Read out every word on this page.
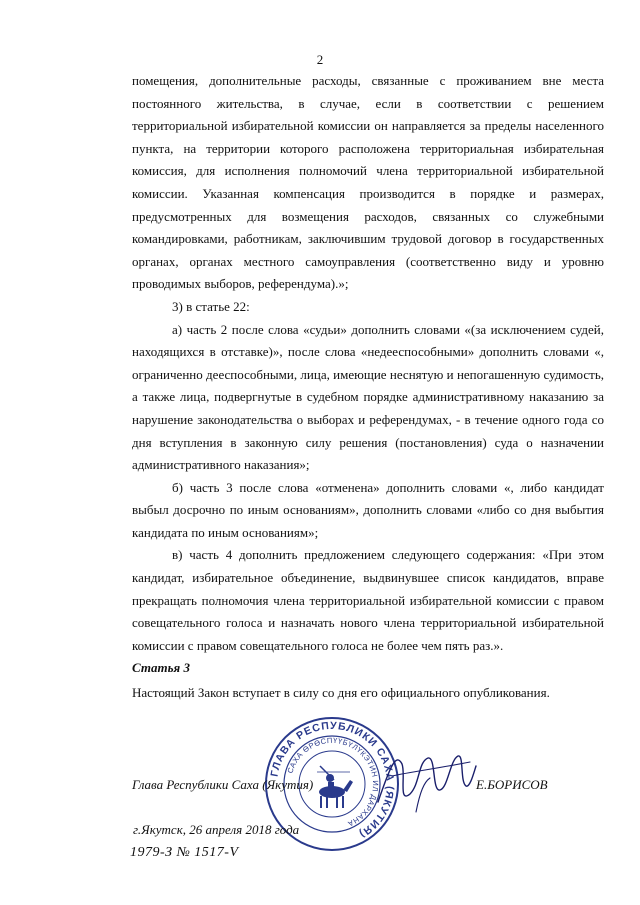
2

помещения, дополнительные расходы, связанные с проживанием вне места постоянного жительства, в случае, если в соответствии с решением территориальной избирательной комиссии он направляется за пределы населенного пункта, на территории которого расположена территориальная избирательная комиссия, для исполнения полномочий члена территориальной избирательной комиссии. Указанная компенсация производится в порядке и размерах, предусмотренных для возмещения расходов, связанных со служебными командировками, работникам, заключившим трудовой договор в государственных органах, органах местного самоуправления (соответственно виду и уровню проводимых выборов, референдума).»;

3) в статье 22:

а) часть 2 после слова «судьи» дополнить словами «(за исключением судей, находящихся в отставке)», после слова «недееспособными» дополнить словами «, ограниченно дееспособными, лица, имеющие неснятую и непогашенную судимость, а также лица, подвергнутые в судебном порядке административному наказанию за нарушение законодательства о выборах и референдумах, - в течение одного года со дня вступления в законную силу решения (постановления) суда о назначении административного наказания»;

б) часть 3 после слова «отменена» дополнить словами «, либо кандидат выбыл досрочно по иным основаниям», дополнить словами «либо со дня выбытия кандидата по иным основаниям»;

в) часть 4 дополнить предложением следующего содержания: «При этом кандидат, избирательное объединение, выдвинувшее список кандидатов, вправе прекращать полномочия члена территориальной избирательной комиссии с правом совещательного голоса и назначать нового члена территориальной избирательной комиссии с правом совещательного голоса не более чем пять раз.».

Статья 3
Настоящий Закон вступает в силу со дня его официального опубликования.
ГЛАВА РЕСПУБЛИКИ САХА (ЯКУТИЯ)
САХА ӨРӨСПҮҮБҮЛҮКЭТИН ИЛ ДАРХАНА
Глава Республики Саха (Якутия)	Е.БОРИСОВ
г.Якутск, 26 апреля 2018 года
1979-З № 1517-V
